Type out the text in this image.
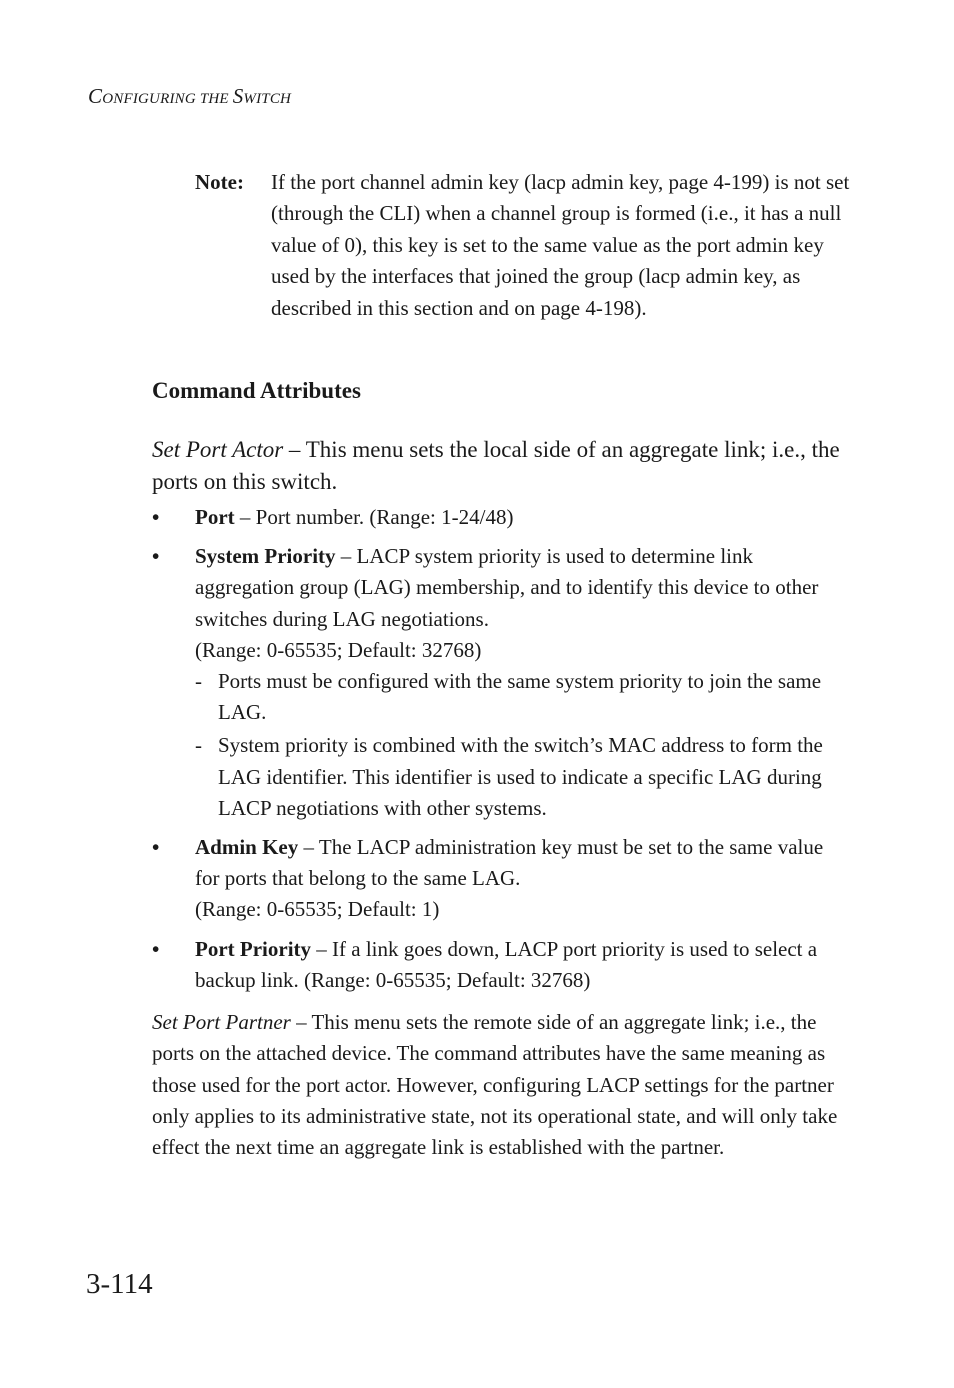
CONFIGURING THE SWITCH
Note: If the port channel admin key (lacp admin key, page 4-199) is not set (through the CLI) when a channel group is formed (i.e., it has a null value of 0), this key is set to the same value as the port admin key used by the interfaces that joined the group (lacp admin key, as described in this section and on page 4-198).
Command Attributes
Set Port Actor – This menu sets the local side of an aggregate link; i.e., the ports on this switch.
• Port – Port number. (Range: 1-24/48)
• System Priority – LACP system priority is used to determine link aggregation group (LAG) membership, and to identify this device to other switches during LAG negotiations.
(Range: 0-65535; Default: 32768)
- Ports must be configured with the same system priority to join the same LAG.
- System priority is combined with the switch’s MAC address to form the LAG identifier. This identifier is used to indicate a specific LAG during LACP negotiations with other systems.
• Admin Key – The LACP administration key must be set to the same value for ports that belong to the same LAG.
(Range: 0-65535; Default: 1)
• Port Priority – If a link goes down, LACP port priority is used to select a backup link. (Range: 0-65535; Default: 32768)
Set Port Partner – This menu sets the remote side of an aggregate link; i.e., the ports on the attached device. The command attributes have the same meaning as those used for the port actor. However, configuring LACP settings for the partner only applies to its administrative state, not its operational state, and will only take effect the next time an aggregate link is established with the partner.
3-114
